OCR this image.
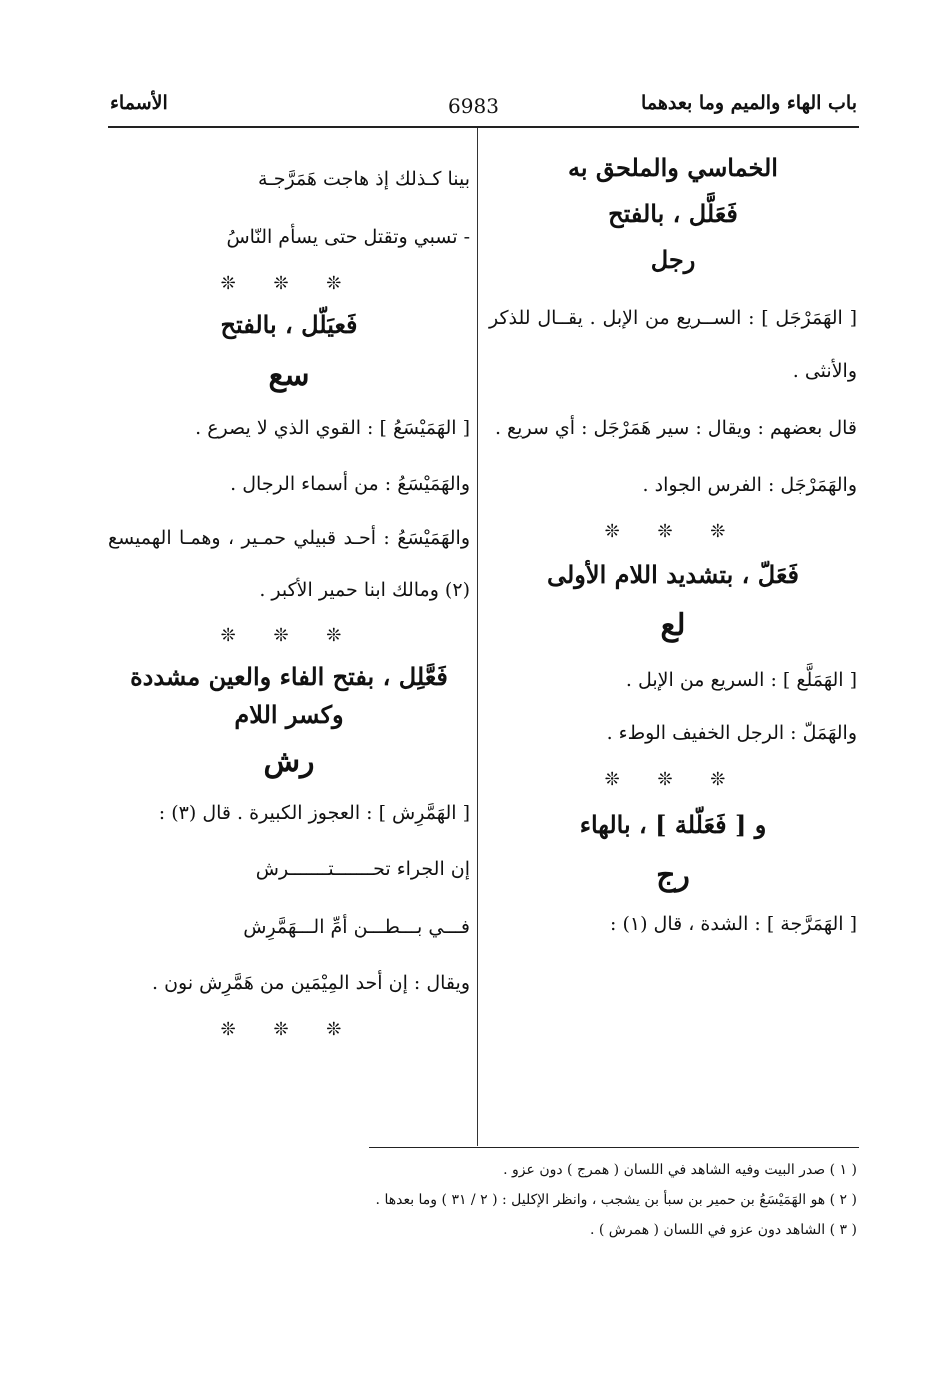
باب الهاء والميم وما بعدهما
6983
الأسماء
الخماسي والملحق به
فَعَلَّل ، بالفتح
رجل
[ الهَمَرْجَل ] : الســريع من الإبل . يقــال للذكر والأنثى .
قال بعضهم : ويقال : سير هَمَرْجَل : أي سريع .
والهَمَرْجَل : الفرس الجواد .
❊ ❊ ❊
فَعَلّ ، بتشديد اللام الأولى
لع
[ الهَمَلَّع ] : السريع من الإبل .
والهَمَلّ : الرجل الخفيف الوطء .
❊ ❊ ❊
و [ فَعَلّلة ] ، بالهاء
رج
[ الهَمَرَّجة ] : الشدة ، قال (١) :
بينا كـذلك إذ هاجت هَمَرَّجـة
- تسبي وتقتل حتى يسأم النّاسُ
❊ ❊ ❊
فَعيَلّل ، بالفتح
سع
[ الهَمَيْسَعُ ] : القوي الذي لا يصرع .
والهَمَيْسَعُ : من أسماء الرجال .
والهَمَيْسَعُ : أحـد قبيلي حمـير ، وهمـا الهميسع (٢) ومالك ابنا حمير الأكبر .
❊ ❊ ❊
فَعَّلِل ، بفتح الفاء والعين مشددة
وكسر اللام
رش
[ الهَمَّرِش ] : العجوز الكبيرة . قال (٣) :
إن الجراء تحـــــــتـــــــرش
فـــي بـــطـــن أمِّ الـــهَمَّرِش
ويقال : إن أحد المِيْمَين من هَمَّرِش نون .
❊ ❊ ❊
( ١ ) صدر البيت وفيه الشاهد في اللسان ( همرج ) دون عزو .
( ٢ ) هو الهَمَيْسَعُ بن حمير بن سبأ بن يشجب ، وانظر الإكليل : ( ٢ / ٣١ ) وما بعدها .
( ٣ ) الشاهد دون عزو في اللسان ( همرش ) .
